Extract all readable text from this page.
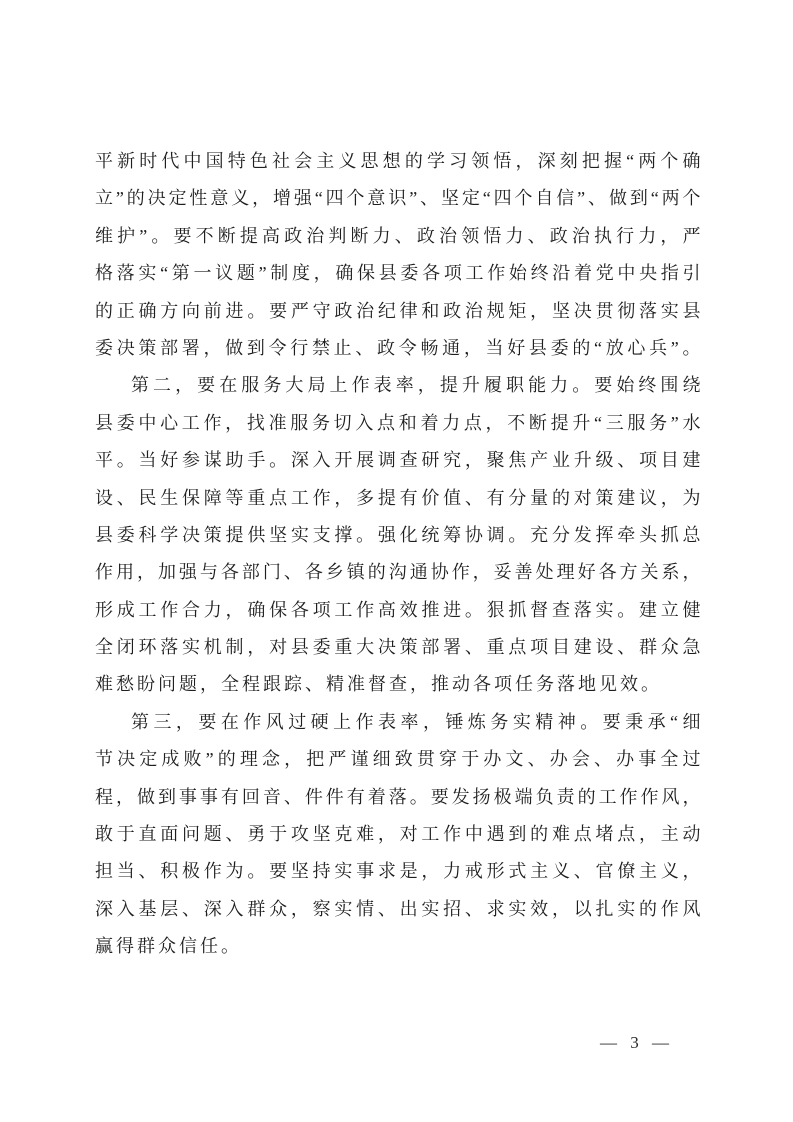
平新时代中国特色社会主义思想的学习领悟，深刻把握“两个确
立”的决定性意义，增强“四个意识”、坚定“四个自信”、做到“两个
维护”。要不断提高政治判断力、政治领悟力、政治执行力，严
格落实“第一议题”制度，确保县委各项工作始终沿着党中央指引
的正确方向前进。要严守政治纪律和政治规矩，坚决贯彻落实县
委决策部署，做到令行禁止、政令畅通，当好县委的“放心兵”。
第二，要在服务大局上作表率，提升履职能力。要始终围绕
县委中心工作，找准服务切入点和着力点，不断提升“三服务”水
平。当好参谋助手。深入开展调查研究，聚焦产业升级、项目建
设、民生保障等重点工作，多提有价值、有分量的对策建议，为
县委科学决策提供坚实支撑。强化统筹协调。充分发挥牵头抓总
作用，加强与各部门、各乡镇的沟通协作，妥善处理好各方关系，
形成工作合力，确保各项工作高效推进。狠抓督查落实。建立健
全闭环落实机制，对县委重大决策部署、重点项目建设、群众急
难愁盼问题，全程跟踪、精准督查，推动各项任务落地见效。
第三，要在作风过硬上作表率，锤炼务实精神。要秉承“细
节决定成败”的理念，把严谨细致贯穿于办文、办会、办事全过
程，做到事事有回音、件件有着落。要发扬极端负责的工作作风，
敢于直面问题、勇于攻坚克难，对工作中遇到的难点堵点，主动
担当、积极作为。要坚持实事求是，力戒形式主义、官僚主义，
深入基层、深入群众，察实情、出实招、求实效，以扎实的作风
赢得群众信任。
— 3 —
